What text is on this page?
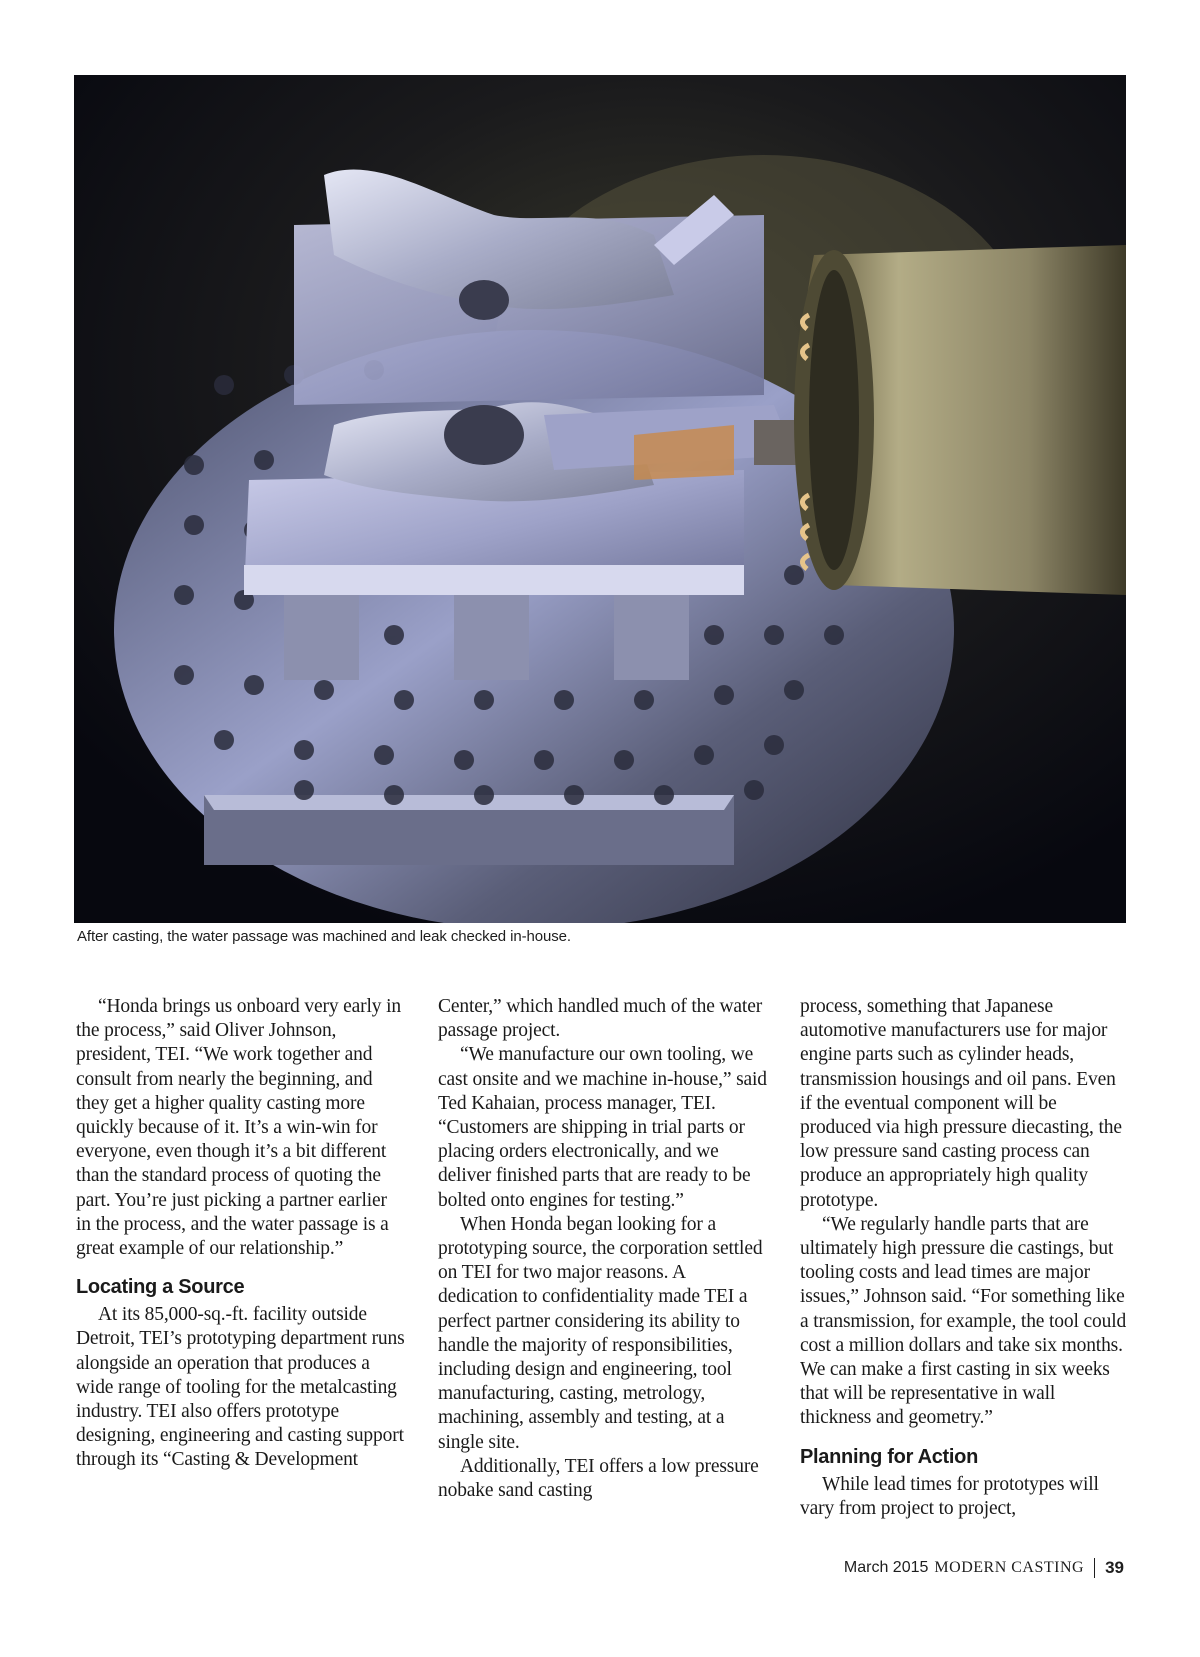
After casting, the water passage was machined and leak checked in-house.

“Honda brings us onboard very early in the process,” said Oliver Johnson, president, TEI. “We work together and consult from nearly the beginning, and they get a higher quality casting more quickly because of it. It’s a win-win for everyone, even though it’s a bit different than the standard process of quoting the part. You’re just picking a partner earlier in the process, and the water passage is a great example of our relationship.”

Locating a Source

At its 85,000-sq.-ft. facility outside Detroit, TEI’s prototyping department runs alongside an operation that produces a wide range of tooling for the metalcasting industry. TEI also offers prototype designing, engineering and casting support through its “Casting & Development

Center,” which handled much of the water passage project.

“We manufacture our own tooling, we cast onsite and we machine in-house,” said Ted Kahaian, process manager, TEI. “Customers are shipping in trial parts or placing orders electronically, and we deliver finished parts that are ready to be bolted onto engines for testing.”

When Honda began looking for a prototyping source, the corporation settled on TEI for two major reasons. A dedication to confidentiality made TEI a perfect partner considering its ability to handle the majority of responsibilities, including design and engineering, tool manufacturing, casting, metrology, machining, assembly and testing, at a single site.

Additionally, TEI offers a low pressure nobake sand casting

process, something that Japanese automotive manufacturers use for major engine parts such as cylinder heads, transmission housings and oil pans. Even if the eventual component will be produced via high pressure diecasting, the low pressure sand casting process can produce an appropriately high quality prototype.

“We regularly handle parts that are ultimately high pressure die castings, but tooling costs and lead times are major issues,” Johnson said. “For something like a transmission, for example, the tool could cost a million dollars and take six months. We can make a first casting in six weeks that will be representative in wall thickness and geometry.”

Planning for Action

While lead times for prototypes will vary from project to project,

March 2015 MODERN CASTING 39
